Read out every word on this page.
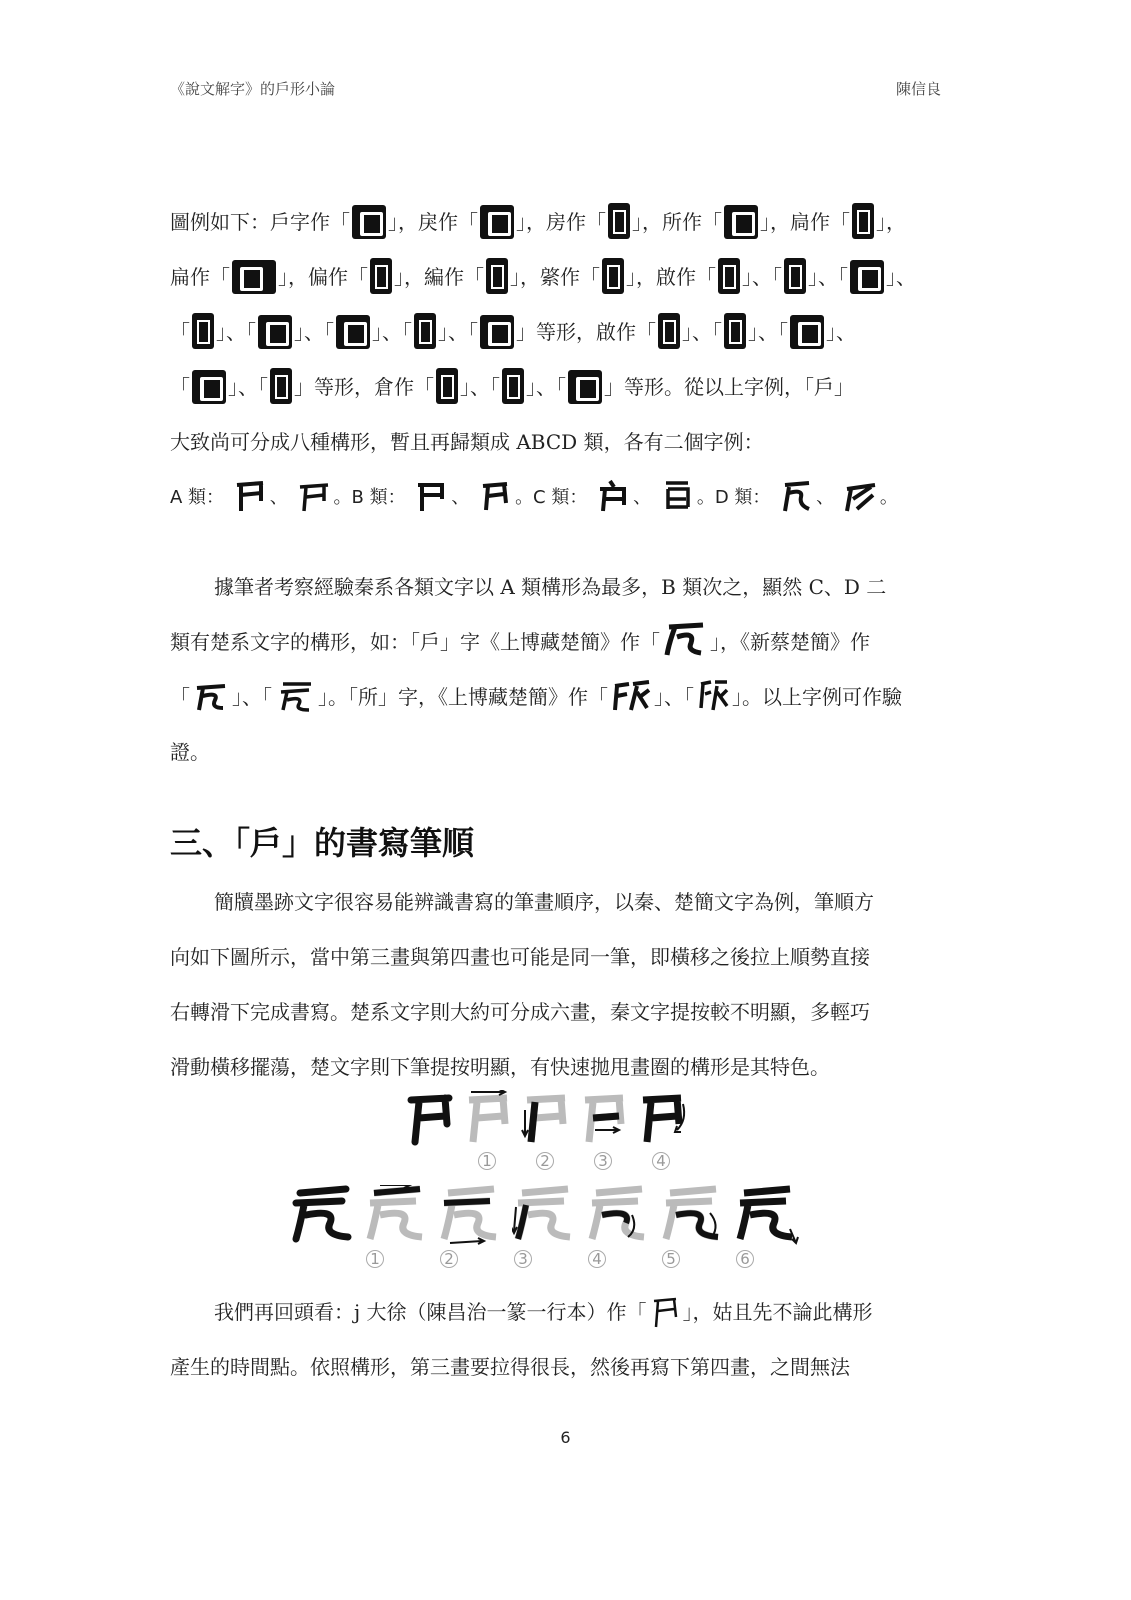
《說文解字》的戶形小論	陳信良
圖例如下：戶字作「 」，戾作「 」，房作「 」，所作「 」，扃作「 」，
扁作「 」，偏作「 」，編作「 」，綮作「 」，啟作「 」、「 」、「 」、
「 」、「 」、「 」、「 」、「 」等形，啟作「 」、「 」、「 」、
「 」、「 」等形，倉作「 」、「 」、「 」等形。從以上字例，「戶」
大致尚可分成八種構形，暫且再歸類成 ABCD 類，各有二個字例：
A 類：	、	。B 類：	、	。C 類：	、	。D 類：	、	。
據筆者考察經驗秦系各類文字以 A 類構形為最多，B 類次之，顯然 C、D 二
類有楚系文字的構形，如：「戶」字《上博藏楚簡》作「	」，《新蔡楚簡》作
「 」、「 」。「所」字，《上博藏楚簡》作「 」、「 」。以上字例可作驗
證。
三、「戶」的書寫筆順
簡牘墨跡文字很容易能辨識書寫的筆畫順序，以秦、楚簡文字為例，筆順方
向如下圖所示，當中第三畫與第四畫也可能是同一筆，即橫移之後拉上順勢直接
右轉滑下完成書寫。楚系文字則大約可分成六畫，秦文字提按較不明顯，多輕巧
滑動橫移擺蕩，楚文字則下筆提按明顯，有快速拋甩畫圈的構形是其特色。
1	2	3	4
1	2	3	4	5	6
我們再回頭看：j 大徐（陳昌治一篆一行本）作「 」，姑且先不論此構形
產生的時間點。依照構形，第三畫要拉得很長，然後再寫下第四畫，之間無法
6
